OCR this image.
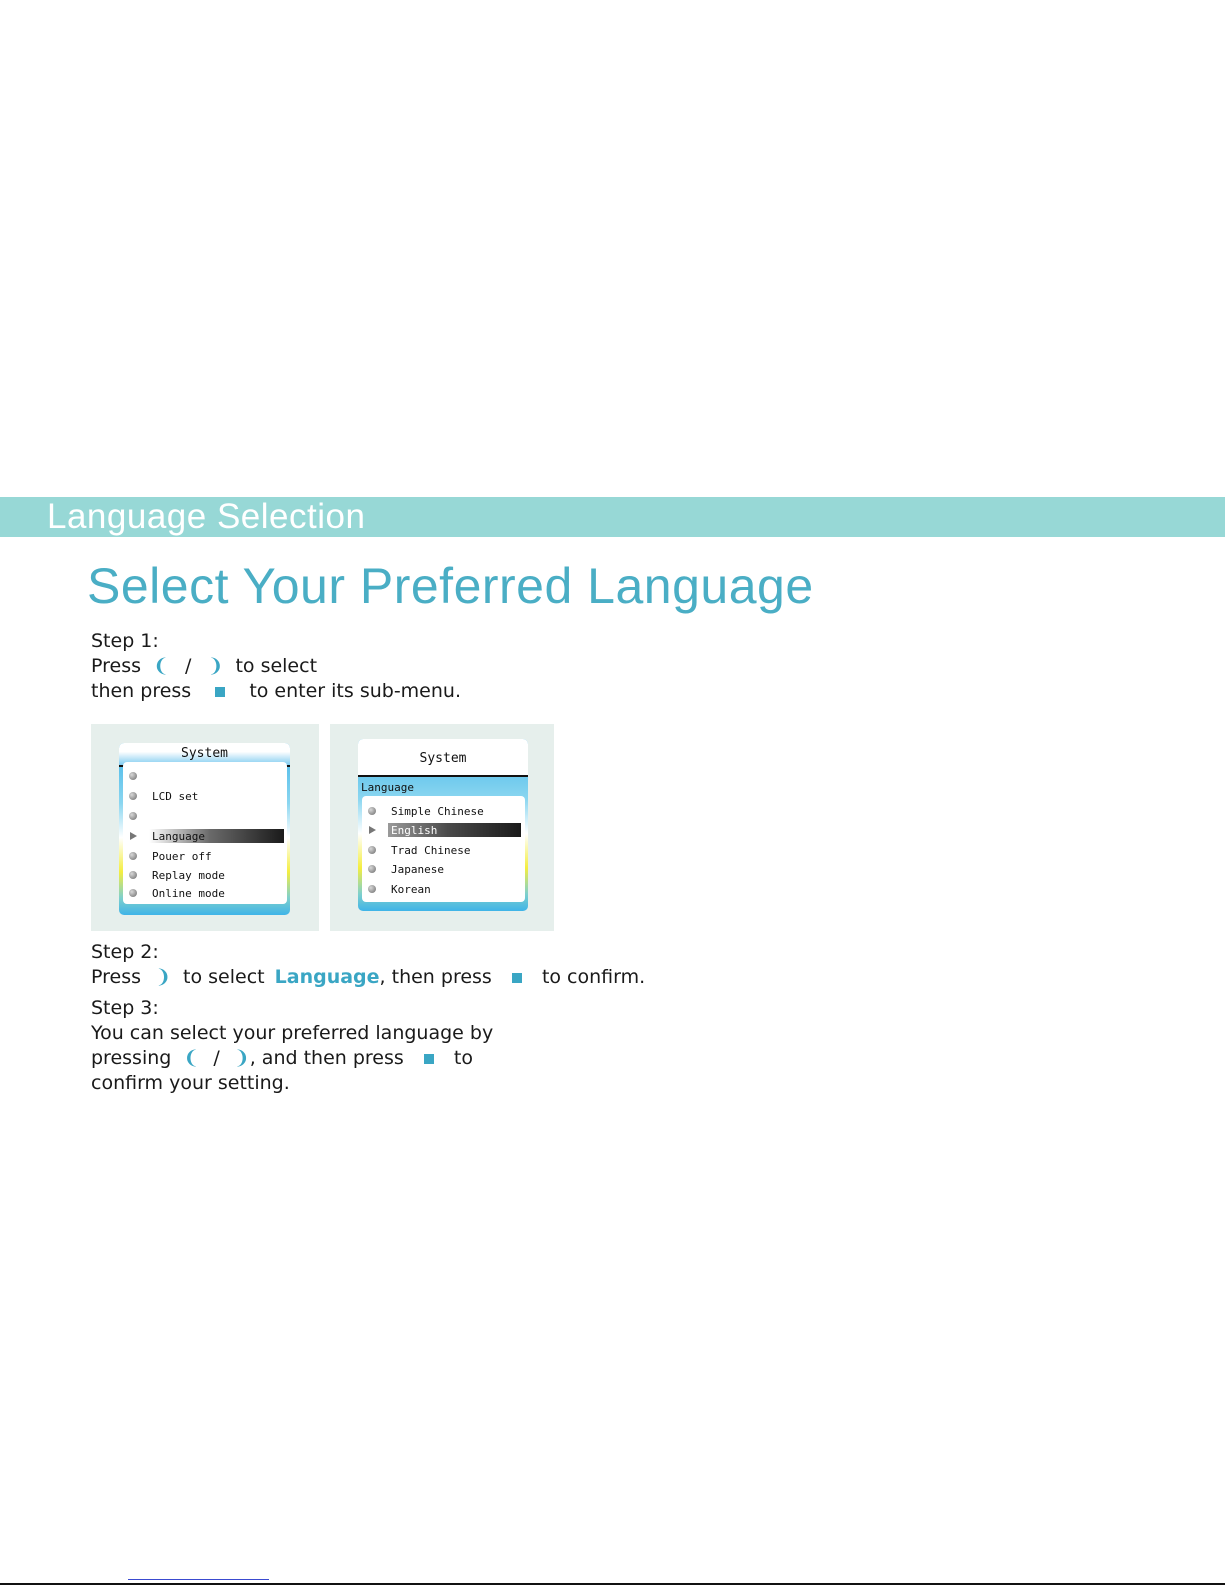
Language Selection
Select Your Preferred Language
Step 1:
Press ❨ / ❩ to select
then press	to enter its sub-menu.
System
LCD set
Language
Pouer off
Replay mode
Online mode
System
Language
Simple Chinese
English
Trad Chinese
Japanese
Korean
Step 2:
Press ❩ to select Language, then press	to confirm.
Step 3:
You can select your preferred language by
pressing ❨ / ❩, and then press	to
confirm your setting.
